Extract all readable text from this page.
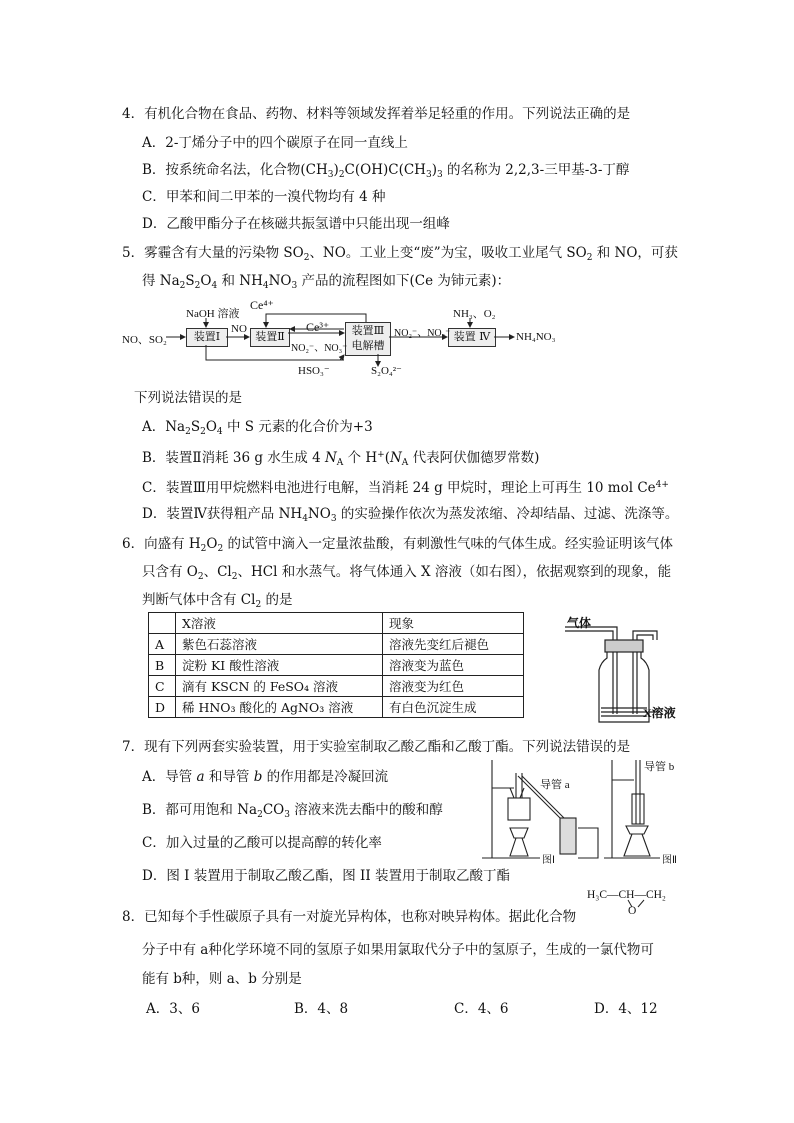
4．有机化合物在食品、药物、材料等领域发挥着举足轻重的作用。下列说法正确的是
A．2-丁烯分子中的四个碳原子在同一直线上
B．按系统命名法，化合物$(CH_3)_2C(OH)C(CH_3)_3$ 的名称为 2,2,3-三甲基-3-丁醇
C．甲苯和间二甲苯的一溴代物均有 4 种
D．乙酸甲酯分子在核磁共振氢谱中只能出现一组峰
5．雾霾含有大量的污染物 $SO_2$、NO。工业上变“废”为宝，吸收工业尾气 $SO_2$ 和 NO，可获
得 $Na_2S_2O_4$ 和 $NH_4NO_3$ 产品的流程图如下(Ce 为铈元素)：
NO、SO₂
NaOH 溶液
Ce⁴⁺
Ce³⁺
装置Ⅰ	装置Ⅱ	装置Ⅲ
电解槽
装置 Ⅳ
NO
NO₂⁻、NO₃⁻
NO₂⁻、NO₃⁻
NH₃、O₂
NH₄NO₃
HSO₃⁻	S₂O₄²⁻
下列说法错误的是
A．$Na_2S_2O_4$ 中 S 元素的化合价为+3
B．装置Ⅱ消耗 36 g 水生成 4 $N_A$ 个 $H^+(N_A$ 代表阿伏伽德罗常数)
C．装置Ⅲ用甲烷燃料电池进行电解，当消耗 24 g 甲烷时，理论上可再生 10 mol $Ce^{4+}$
D．装置Ⅳ获得粗产品 $NH_4NO_3$ 的实验操作依次为蒸发浓缩、冷却结晶、过滤、洗涤等。
6．向盛有 $H_2O_2$ 的试管中滴入一定量浓盐酸，有刺激性气味的气体生成。经实验证明该气体
只含有 $O_2$、$Cl_2$、HCl 和水蒸气。将气体通入 X 溶液（如右图），依据观察到的现象，能
判断气体中含有 $Cl_2$ 的是
	X溶液	现象
A	紫色石蕊溶液	溶液先变红后褪色
B	淀粉 KI 酸性溶液	溶液变为蓝色
C	滴有 KSCN 的 FeSO₄ 溶液	溶液变为红色
D	稀 HNO₃ 酸化的 AgNO₃ 溶液	有白色沉淀生成
气体
X溶液
7．现有下列两套实验装置，用于实验室制取乙酸乙酯和乙酸丁酯。下列说法错误的是
A．导管 a 和导管 b 的作用都是冷凝回流
B．都可用饱和 $Na_2CO_3$ 溶液来洗去酯中的酸和醇
C．加入过量的乙酸可以提高醇的转化率
D．图 I 装置用于制取乙酸乙酯，图 II 装置用于制取乙酸丁酯
导管 a
图Ⅰ
导管 b
图Ⅱ
8．已知每个手性碳原子具有一对旋光异构体，也称对映异构体。据此化合物
H₃C—CH—CH₂
O
分子中有 a种化学环境不同的氢原子如果用氯取代分子中的氢原子，生成的一氯代物可
能有 b种，则 a、b 分别是
A．3、6	B．4、8	C．4、6	D．4、12
